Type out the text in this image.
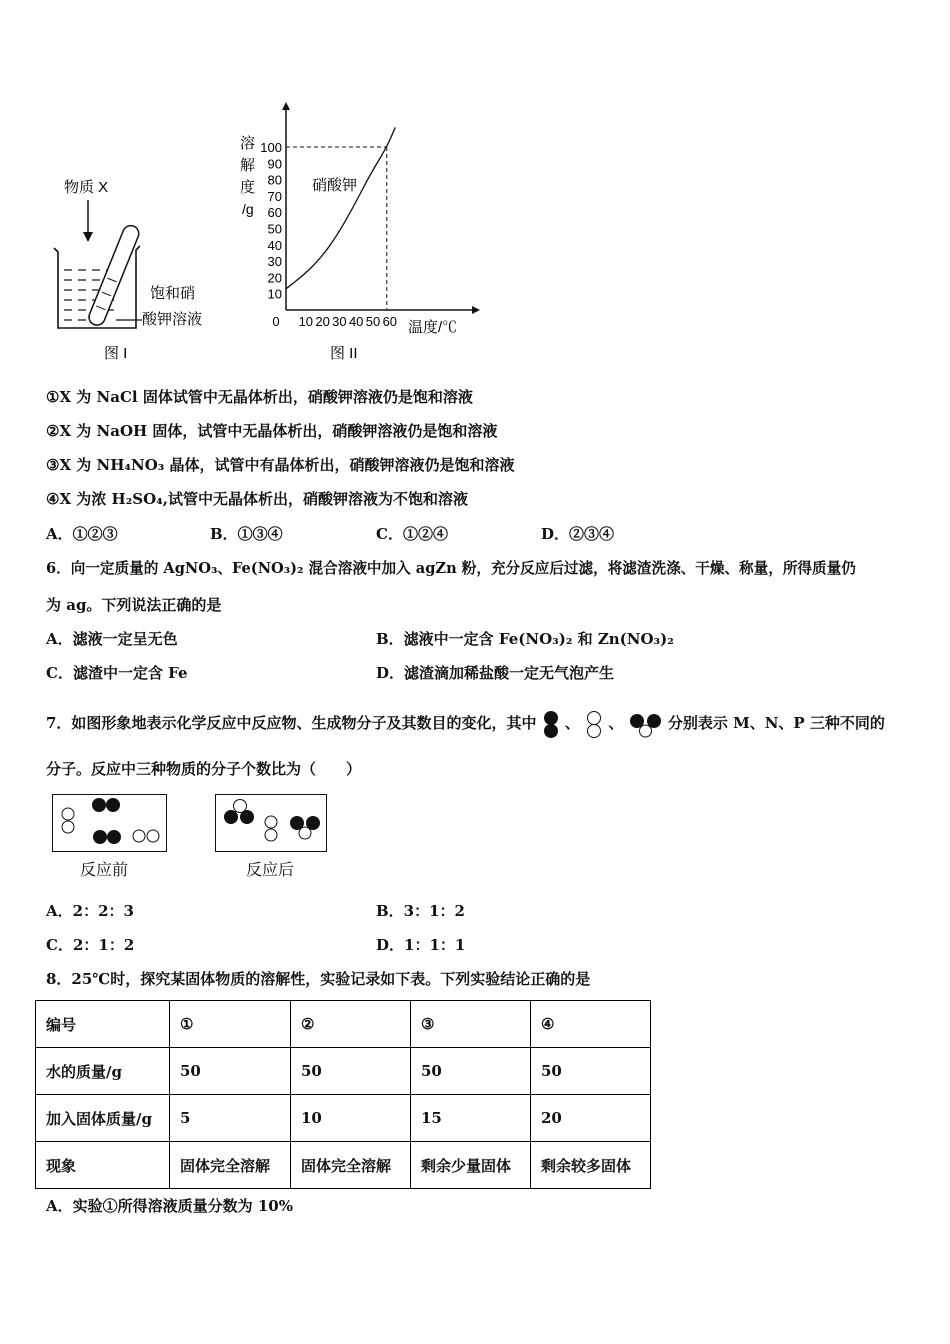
物质 X
饱和硝
酸钾溶液
图 I
溶
解
度
/g
100
90
80
70
60
50
40
30
20
10
0 10 20 30 40 50 60
硝酸钾
温度/℃
图 II
①X 为 NaCl 固体试管中无晶体析出，硝酸钾溶液仍是饱和溶液
②X 为 NaOH 固体，试管中无晶体析出，硝酸钾溶液仍是饱和溶液
③X 为 NH₄NO₃ 晶体，试管中有晶体析出，硝酸钾溶液仍是饱和溶液
④X 为浓 H₂SO₄,试管中无晶体析出，硝酸钾溶液为不饱和溶液
A．①②③	B．①③④	C．①②④	D．②③④
6．向一定质量的 AgNO₃、Fe(NO₃)₂ 混合溶液中加入 agZn 粉，充分反应后过滤，将滤渣洗涤、干燥、称量，所得质量仍
为 ag。下列说法正确的是
A．滤液一定呈无色	B．滤液中一定含 Fe(NO₃)₂ 和 Zn(NO₃)₂
C．滤渣中一定含 Fe	D．滤渣滴加稀盐酸一定无气泡产生
7．如图形象地表示化学反应中反应物、生成物分子及其数目的变化，其中 、 、	分别表示 M、N、P 三种不同的
分子。反应中三种物质的分子个数比为（　　）
反应前	反应后
A．2：2：3	B．3：1：2
C．2：1：2	D．1：1：1
8．25℃时，探究某固体物质的溶解性，实验记录如下表。下列实验结论正确的是
编号	①	②	③	④
水的质量/g	50	50	50	50
加入固体质量/g	5	10	15	20
现象	固体完全溶解	固体完全溶解	剩余少量固体	剩余较多固体
A．实验①所得溶液质量分数为 10%
